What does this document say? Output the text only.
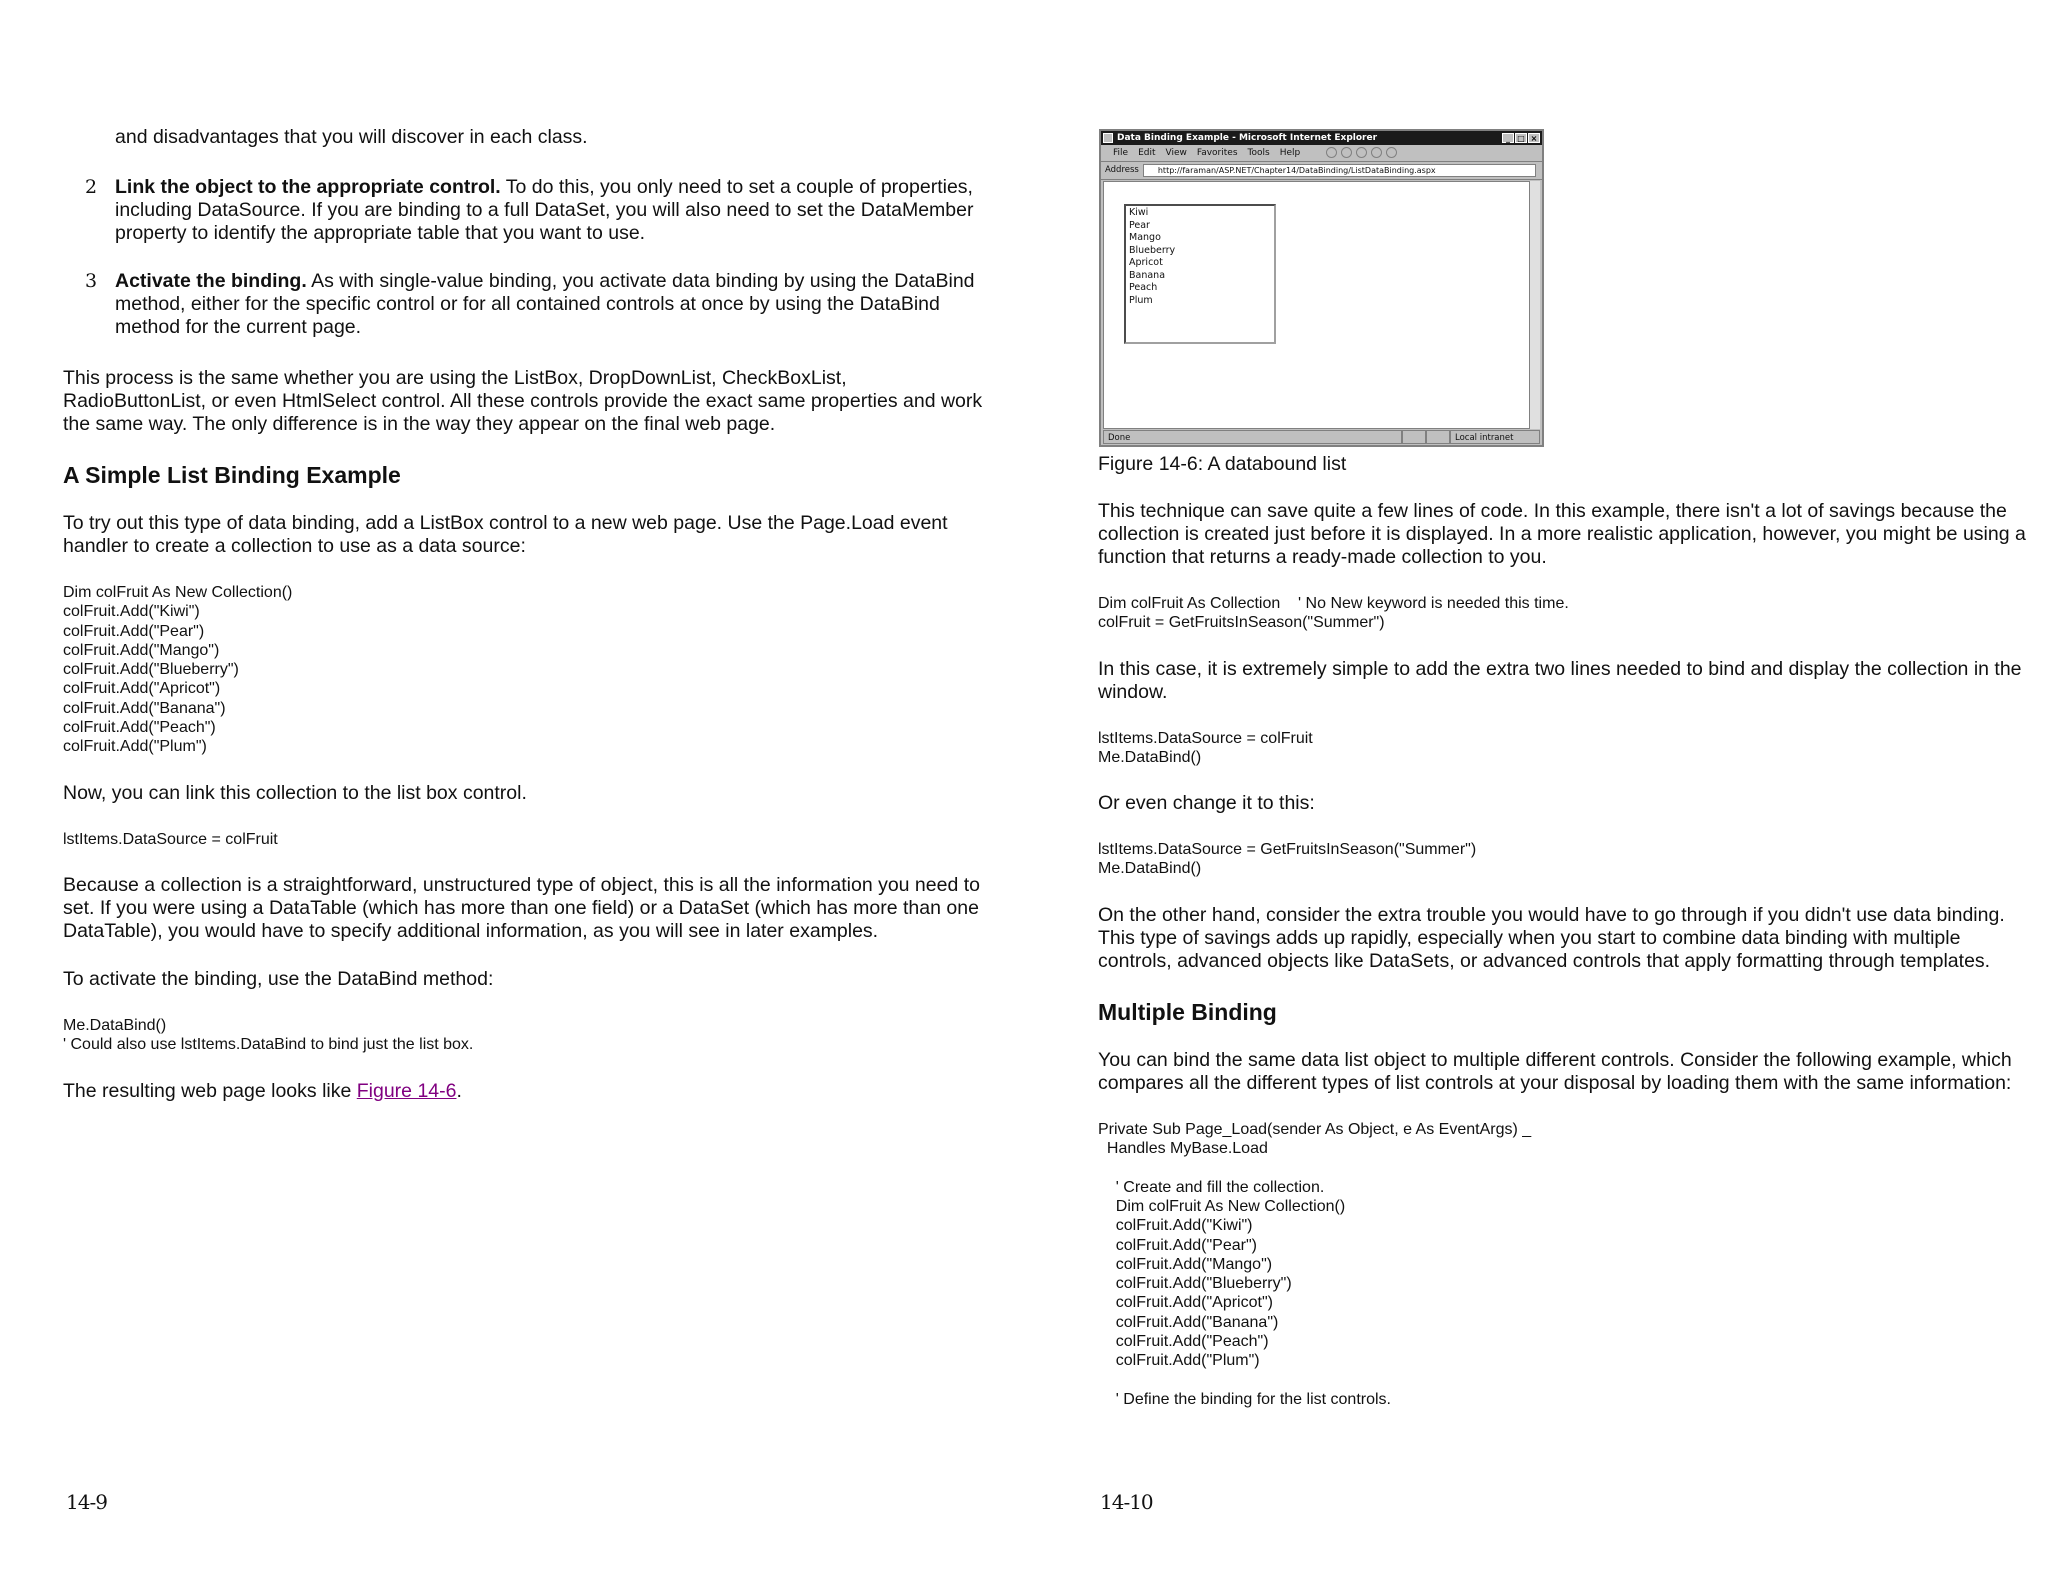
and disadvantages that you will discover in each class.

2 Link the object to the appropriate control. To do this, you only need to set a couple of properties, including DataSource. If you are binding to a full DataSet, you will also need to set the DataMember property to identify the appropriate table that you want to use.
3 Activate the binding. As with single-value binding, you activate data binding by using the DataBind method, either for the specific control or for all contained controls at once by using the DataBind method for the current page.

This process is the same whether you are using the ListBox, DropDownList, CheckBoxList, RadioButtonList, or even HtmlSelect control. All these controls provide the exact same properties and work the same way. The only difference is in the way they appear on the final web page.

A Simple List Binding Example

To try out this type of data binding, add a ListBox control to a new web page. Use the Page.Load event handler to create a collection to use as a data source:

Dim colFruit As New Collection()
colFruit.Add("Kiwi")
colFruit.Add("Pear")
colFruit.Add("Mango")
colFruit.Add("Blueberry")
colFruit.Add("Apricot")
colFruit.Add("Banana")
colFruit.Add("Peach")
colFruit.Add("Plum")

Now, you can link this collection to the list box control.

lstItems.DataSource = colFruit

Because a collection is a straightforward, unstructured type of object, this is all the information you need to set. If you were using a DataTable (which has more than one field) or a DataSet (which has more than one DataTable), you would have to specify additional information, as you will see in later examples.

To activate the binding, use the DataBind method:

Me.DataBind()
' Could also use lstItems.DataBind to bind just the list box.

The resulting web page looks like Figure 14-6.

14-9
Data Binding Example - Microsoft Internet Explorer	_ □ ×
File Edit View Favorites Tools Help
Address	http://faraman/ASP.NET/Chapter14/DataBinding/ListDataBinding.aspx
Kiwi
Pear
Mango
Blueberry
Apricot
Banana
Peach
Plum
Done	Local intranet
Figure 14-6: A databound list

This technique can save quite a few lines of code. In this example, there isn't a lot of savings because the collection is created just before it is displayed. In a more realistic application, however, you might be using a function that returns a ready-made collection to you.

Dim colFruit As Collection    ' No New keyword is needed this time.
colFruit = GetFruitsInSeason("Summer")

In this case, it is extremely simple to add the extra two lines needed to bind and display the collection in the window.

lstItems.DataSource = colFruit
Me.DataBind()

Or even change it to this:

lstItems.DataSource = GetFruitsInSeason("Summer")
Me.DataBind()

On the other hand, consider the extra trouble you would have to go through if you didn't use data binding. This type of savings adds up rapidly, especially when you start to combine data binding with multiple controls, advanced objects like DataSets, or advanced controls that apply formatting through templates.

Multiple Binding

You can bind the same data list object to multiple different controls. Consider the following example, which compares all the different types of list controls at your disposal by loading them with the same information:

Private Sub Page_Load(sender As Object, e As EventArgs) _
Handles MyBase.Load

' Create and fill the collection.
Dim colFruit As New Collection()
colFruit.Add("Kiwi")
colFruit.Add("Pear")
colFruit.Add("Mango")
colFruit.Add("Blueberry")
colFruit.Add("Apricot")
colFruit.Add("Banana")
colFruit.Add("Peach")
colFruit.Add("Plum")

' Define the binding for the list controls.
14-10
